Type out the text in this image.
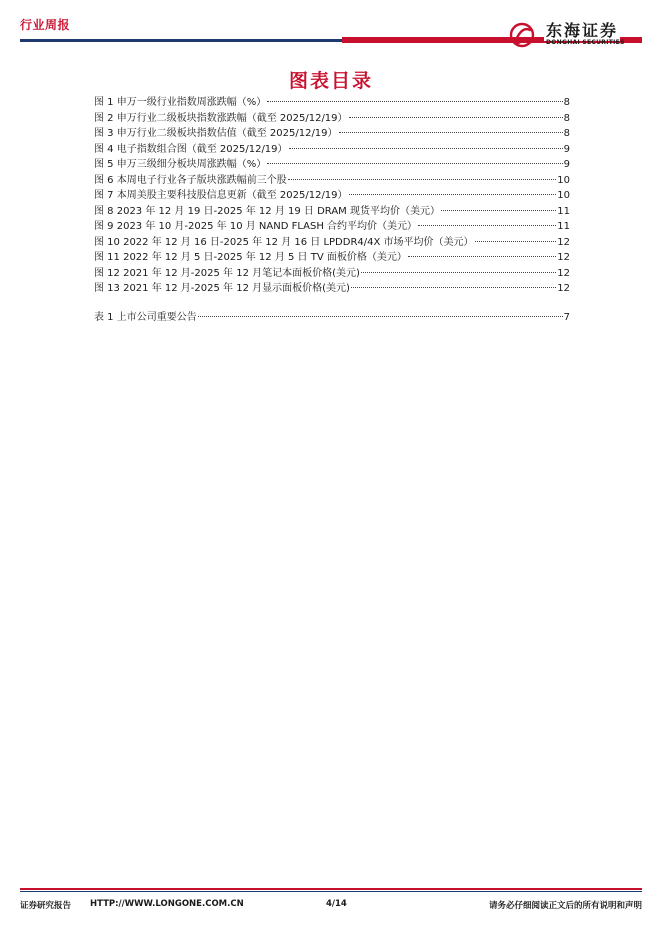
行业周报	东海证券
DONGHAI SECURITIES
图表目录
图 1 申万一级行业指数周涨跌幅（%）	8
图 2 申万行业二级板块指数涨跌幅（截至 2025/12/19）	8
图 3 申万行业二级板块指数估值（截至 2025/12/19）	8
图 4 电子指数组合图（截至 2025/12/19）	9
图 5 申万三级细分板块周涨跌幅（%）	9
图 6 本周电子行业各子版块涨跌幅前三个股	10
图 7 本周美股主要科技股信息更新（截至 2025/12/19）	10
图 8 2023 年 12 月 19 日-2025 年 12 月 19 日 DRAM 现货平均价（美元）	11
图 9 2023 年 10 月-2025 年 10 月 NAND FLASH 合约平均价（美元）	11
图 10 2022 年 12 月 16 日-2025 年 12 月 16 日 LPDDR4/4X 市场平均价（美元）	12
图 11 2022 年 12 月 5 日-2025 年 12 月 5 日 TV 面板价格（美元）	12
图 12 2021 年 12 月-2025 年 12 月笔记本面板价格(美元)	12
图 13 2021 年 12 月-2025 年 12 月显示面板价格(美元)	12
表 1 上市公司重要公告	7
证券研究报告 HTTP://WWW.LONGONE.COM.CN	4/14	请务必仔细阅读正文后的所有说明和声明
